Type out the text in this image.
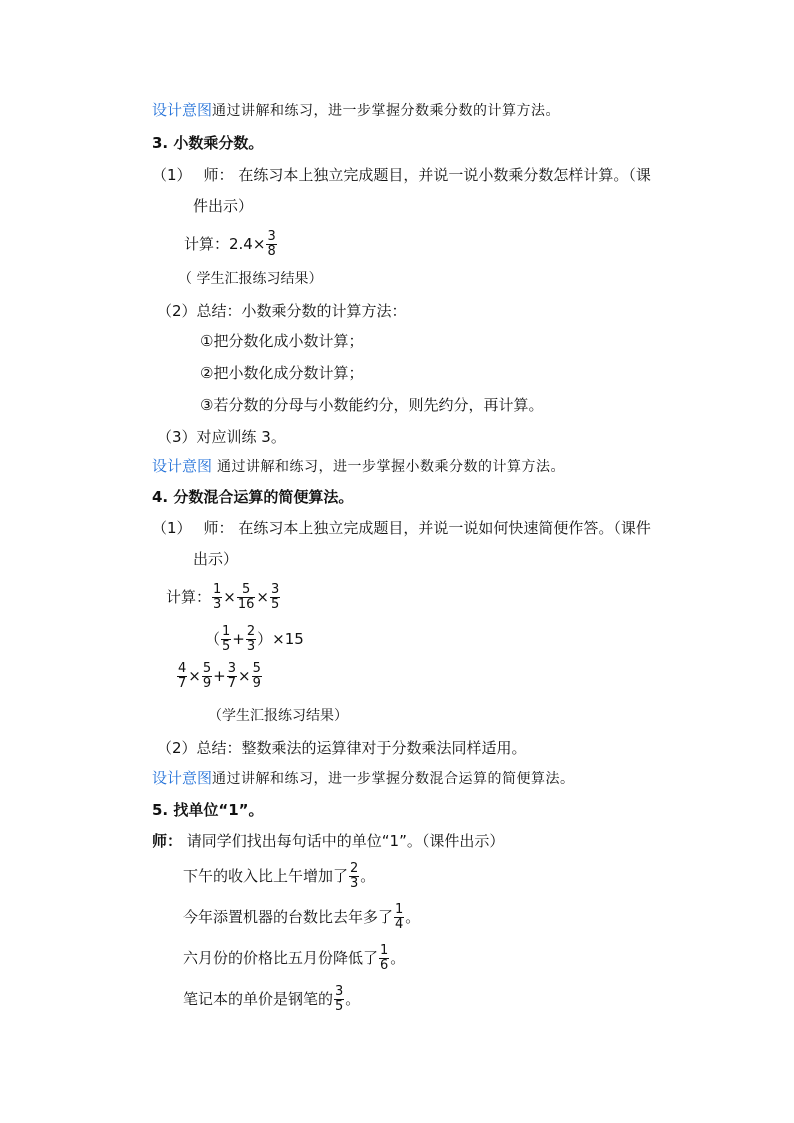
设计意图通过讲解和练习，进一步掌握分数乘分数的计算方法。
3. 小数乘分数。
（1） 师： 在练习本上独立完成题目，并说一说小数乘分数怎样计算。（课
件出示）
计算：$2.4\times \frac{3}{8}$
（ 学生汇报练习结果）
（2）总结：小数乘分数的计算方法：
①把分数化成小数计算；
②把小数化成分数计算；
③若分数的分母与小数能约分，则先约分，再计算。
（3）对应训练 3。
设计意图 通过讲解和练习，进一步掌握小数乘分数的计算方法。
4. 分数混合运算的简便算法。
（1） 师： 在练习本上独立完成题目，并说一说如何快速简便作答。（课件
出示）
计算： $\frac{1}{3} \times \frac{5}{16} \times \frac{3}{5}$
（ $\frac{1}{5} + \frac{2}{3} )\times 15$
$\frac{4}{7} \times \frac{5}{9} + \frac{3}{7} \times \frac{5}{9}$
（学生汇报练习结果）
（2）总结：整数乘法的运算律对于分数乘法同样适用。
设计意图通过讲解和练习，进一步掌握分数混合运算的简便算法。
5. 找单位“1”。
师： 请同学们找出每句话中的单位“1”。（课件出示）
下午的收入比上午增加了 $\frac{2}{3}$ 。
今年添置机器的台数比去年多了 $\frac{1}{4}$ 。
六月份的价格比五月份降低了 $\frac{1}{6}$ 。
笔记本的单价是钢笔的 $\frac{3}{5}$ 。
